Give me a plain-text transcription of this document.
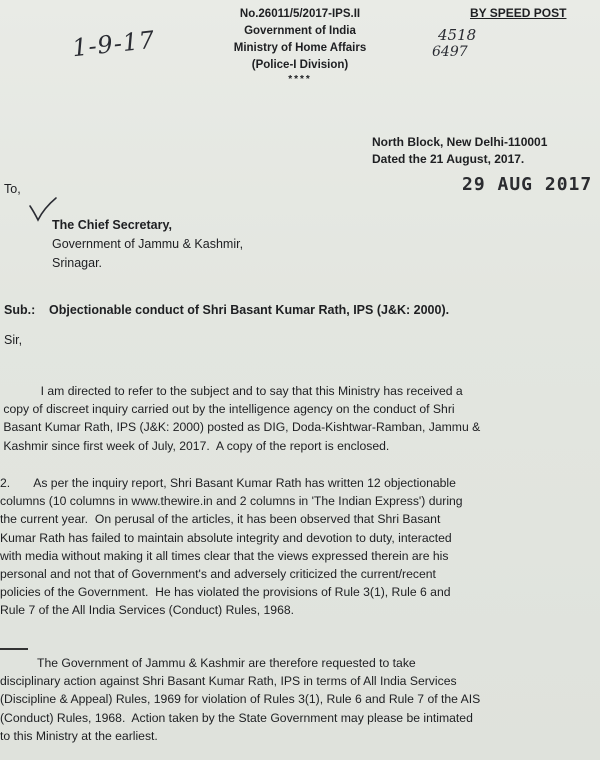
BY SPEED POST
No.26011/5/2017-IPS.II
Government of India
Ministry of Home Affairs
(Police-I Division)
****
1-9-17	4518
6497
North Block, New Delhi-110001
Dated the 21 August, 2017.
29 AUG 2017
To,
The Chief Secretary,
Government of Jammu & Kashmir,
Srinagar.
Sub.: Objectionable conduct of Shri Basant Kumar Rath, IPS (J&K: 2000).
Sir,
I am directed to refer to the subject and to say that this Ministry has received a
copy of discreet inquiry carried out by the intelligence agency on the conduct of Shri
Basant Kumar Rath, IPS (J&K: 2000) posted as DIG, Doda-Kishtwar-Ramban, Jammu &
Kashmir since first week of July, 2017.  A copy of the report is enclosed.
2.       As per the inquiry report, Shri Basant Kumar Rath has written 12 objectionable
columns (10 columns in www.thewire.in and 2 columns in 'The Indian Express') during
the current year.  On perusal of the articles, it has been observed that Shri Basant
Kumar Rath has failed to maintain absolute integrity and devotion to duty, interacted
with media without making it all times clear that the views expressed therein are his
personal and not that of Government's and adversely criticized the current/recent
policies of the Government.  He has violated the provisions of Rule 3(1), Rule 6 and
Rule 7 of the All India Services (Conduct) Rules, 1968.
The Government of Jammu & Kashmir are therefore requested to take
disciplinary action against Shri Basant Kumar Rath, IPS in terms of All India Services
(Discipline & Appeal) Rules, 1969 for violation of Rules 3(1), Rule 6 and Rule 7 of the AIS
(Conduct) Rules, 1968.  Action taken by the State Government may please be intimated
to this Ministry at the earliest.
